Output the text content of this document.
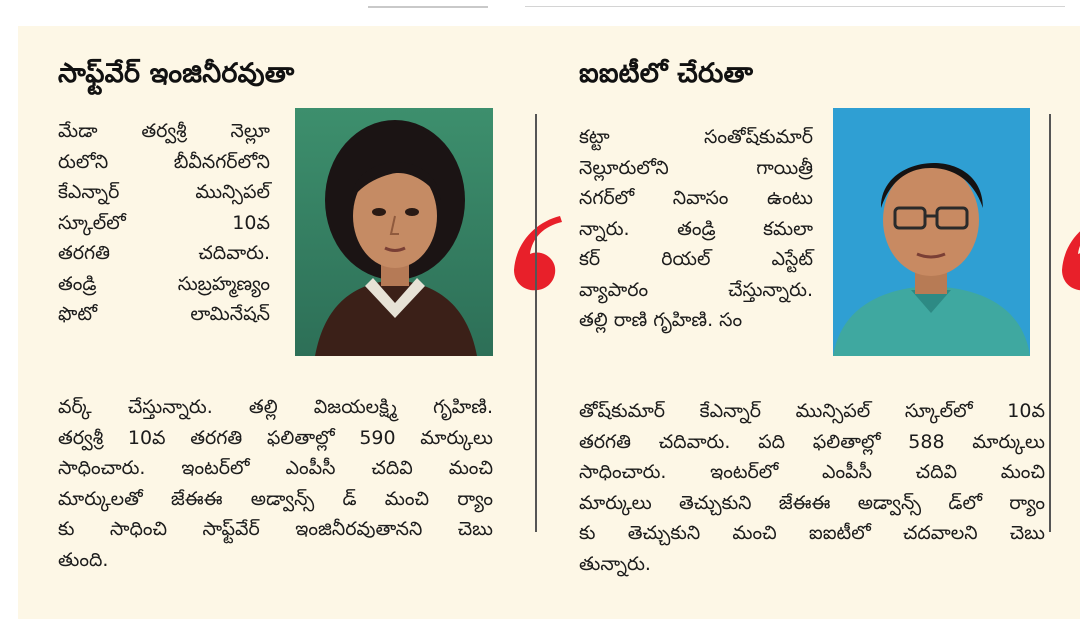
సాఫ్ట్‌వేర్ ఇంజినీరవుతా
మేడా తర్వశ్రీ నెల్లూ
రులోని బీవీనగర్‌లోని
కేఎన్నార్ మున్సిపల్
స్కూల్‌లో 10వ
తరగతి చదివారు.
తండ్రి సుబ్రహ్మణ్యం
ఫొటో లామినేషన్
వర్క్ చేస్తున్నారు. తల్లి విజయలక్ష్మి గృహిణి.
తర్వశ్రీ 10వ తరగతి ఫలితాల్లో 590 మార్కులు
సాధించారు. ఇంటర్‌లో ఎంపీసీ చదివి మంచి
మార్కులతో జేఈఈ అడ్వాన్స్ డ్ మంచి ర్యాం
కు సాధించి సాఫ్ట్‌వేర్ ఇంజినీరవుతానని చెబు
తుంది.
ఐఐటీలో చేరుతా
కట్టా సంతోష్‌కుమార్
నెల్లూరులోని గాయిత్రీ
నగర్‌లో నివాసం ఉంటు
న్నారు. తండ్రి కమలా
కర్ రియల్ ఎస్టేట్
వ్యాపారం చేస్తున్నారు.
తల్లి రాణి గృహిణి. సం
తోష్‌కుమార్ కేఎన్నార్ మున్సిపల్ స్కూల్‌లో 10వ
తరగతి చదివారు. పది ఫలితాల్లో 588 మార్కులు
సాధించారు. ఇంటర్‌లో ఎంపీసీ చదివి మంచి
మార్కులు తెచ్చుకుని జేఈఈ అడ్వాన్స్ డ్‌లో ర్యాం
కు తెచ్చుకుని మంచి ఐఐటీలో చదవాలని చెబు
తున్నారు.
